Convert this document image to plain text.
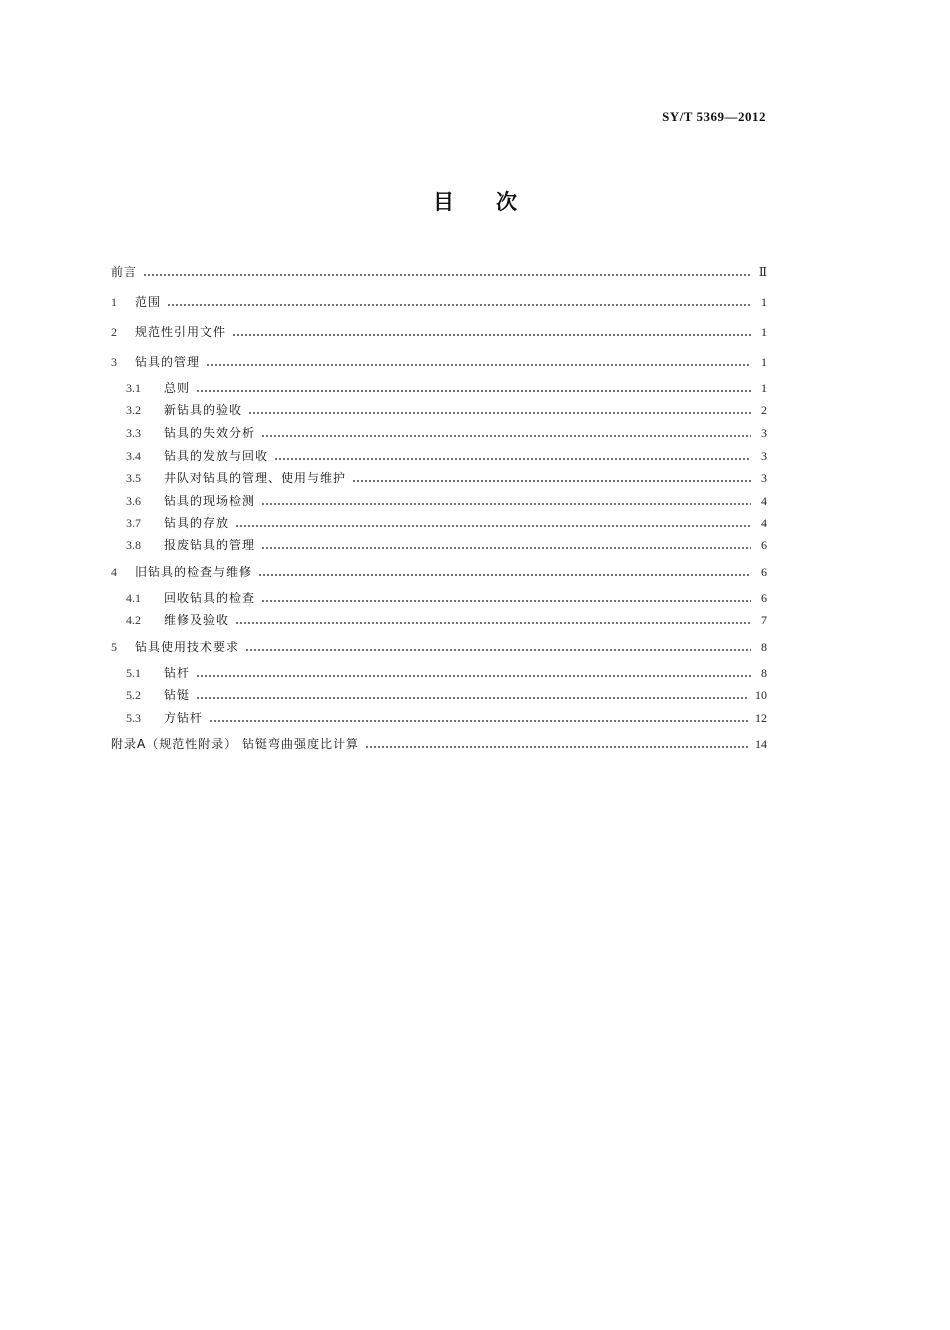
SY/T 5369—2012
目次
前言	Ⅱ
1	范围	1
2	规范性引用文件	1
3	钻具的管理	1
3.1	总则	1
3.2	新钻具的验收	2
3.3	钻具的失效分析	3
3.4	钻具的发放与回收	3
3.5	井队对钻具的管理、使用与维护	3
3.6	钻具的现场检测	4
3.7	钻具的存放	4
3.8	报废钻具的管理	6
4	旧钻具的检查与维修	6
4.1	回收钻具的检查	6
4.2	维修及验收	7
5	钻具使用技术要求	8
5.1	钻杆	8
5.2	钻铤	10
5.3	方钻杆	12
附录A（规范性附录） 钻铤弯曲强度比计算	14
